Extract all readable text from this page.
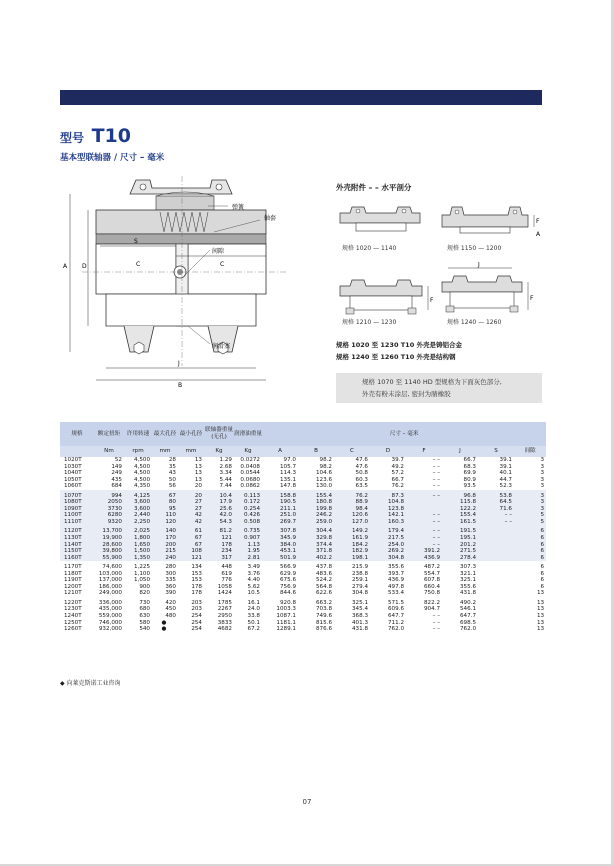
型号 T10
基本型联轴器 / 尺寸 – 毫米
弹簧
轴套
间隙
润滑塞
S
C	C
D
A
J
B
外壳附件 – – 水平剖分
规格 1020 — 1140
F
规格 1150 — 1200
A
F
规格 1210 — 1230
J
F
规格 1240 — 1260
规格 1020 至 1230 T10 外壳是铸铝合金
规格 1240 至 1260 T10 外壳是结构钢
规格 1070 至 1140 HD 型规格为下面灰色部分,
外壳有粉末涂层, 密封为腈橡胶
规格	额定扭矩	许用转速	最大孔径	最小孔径	联轴器重量 (无孔)	润滑油重量	尺寸 – 毫米							
	Nm	rpm	mm	mm	Kg	Kg	A	B	C	D	F	J	S	间隙
1020T	52	4,500	28	13	1.29	0.0272	97.0	98.2	47.6	39.7	– –	66.7	39.1	3
1030T	149	4,500	35	13	2.68	0.0408	105.7	98.2	47.6	49.2	– –	68.3	39.1	3
1040T	249	4,500	43	13	3.34	0.0544	114.3	104.6	50.8	57.2	– –	69.9	40.1	3
1050T	435	4,500	50	13	5.44	0.0680	135.1	123.6	60.3	66.7	– –	80.9	44.7	3
1060T	684	4,350	56	20	7.44	0.0862	147.8	130.0	63.5	76.2	– –	93.5	52.3	3

1070T	994	4,125	67	20	10.4	0.113	158.8	155.4	76.2	87.3	– –	96.8	53.8	3
1080T	2050	3,600	80	27	17.9	0.172	190.5	180.8	88.9	104.8		115.8	64.5	3
1090T	3730	3,600	95	27	25.6	0.254	211.1	199.8	98.4	123.8		122.2	71.6	3
1100T	6280	2,440	110	42	42.0	0.426	251.0	246.2	120.6	142.1	– –	155.4	– –	5
1110T	9320	2,250	120	42	54.3	0.508	269.7	259.0	127.0	160.3	– –	161.5	– –	5

1120T	13,700	2,025	140	61	81.2	0.735	307.8	304.4	149.2	179.4	– –	191.5		6
1130T	19,900	1,800	170	67	121	0.907	345.9	329.8	161.9	217.5	– –	195.1		6
1140T	28,600	1,650	200	67	178	1.13	384.0	374.4	184.2	254.0	– –	201.2		6
1150T	39,800	1,500	215	108	234	1.95	453.1	371.8	182.9	269.2	391.2	271.5		6
1160T	55,900	1,350	240	121	317	2.81	501.9	402.2	198.1	304.8	436.9	278.4		6

1170T	74,600	1,225	280	134	448	3.49	566.9	437.8	215.9	355.6	487.2	307.3		6
1180T	103,000	1,100	300	153	619	3.76	629.9	483.6	238.8	393.7	554.7	321.1		6
1190T	137,000	1,050	335	153	776	4.40	675.6	524.2	259.1	436.9	607.8	325.1		6
1200T	186,000	900	360	178	1058	5.62	756.9	564.8	279.4	497.8	660.4	355.6		6
1210T	249,000	820	390	178	1424	10.5	844.6	622.6	304.8	533.4	750.8	431.8		13

1220T	336,000	730	420	203	1785	16.1	920.8	663.2	325.1	571.5	822.2	490.2		13
1230T	435,000	680	450	203	2267	24.0	1003.3	703.8	345.4	609.6	904.7	546.1		13
1240T	559,000	630	480	254	2950	33.8	1087.1	749.6	368.3	647.7	– –	647.7		13
1250T	746,000	580	●	254	3833	50.1	1181.1	815.6	401.3	711.2	– –	698.5		13
1260T	932,000	540	●	254	4682	67.2	1289.1	876.6	431.8	762.0	– –	762.0		13
◆ 向莱克斯诺工业咨询
07
